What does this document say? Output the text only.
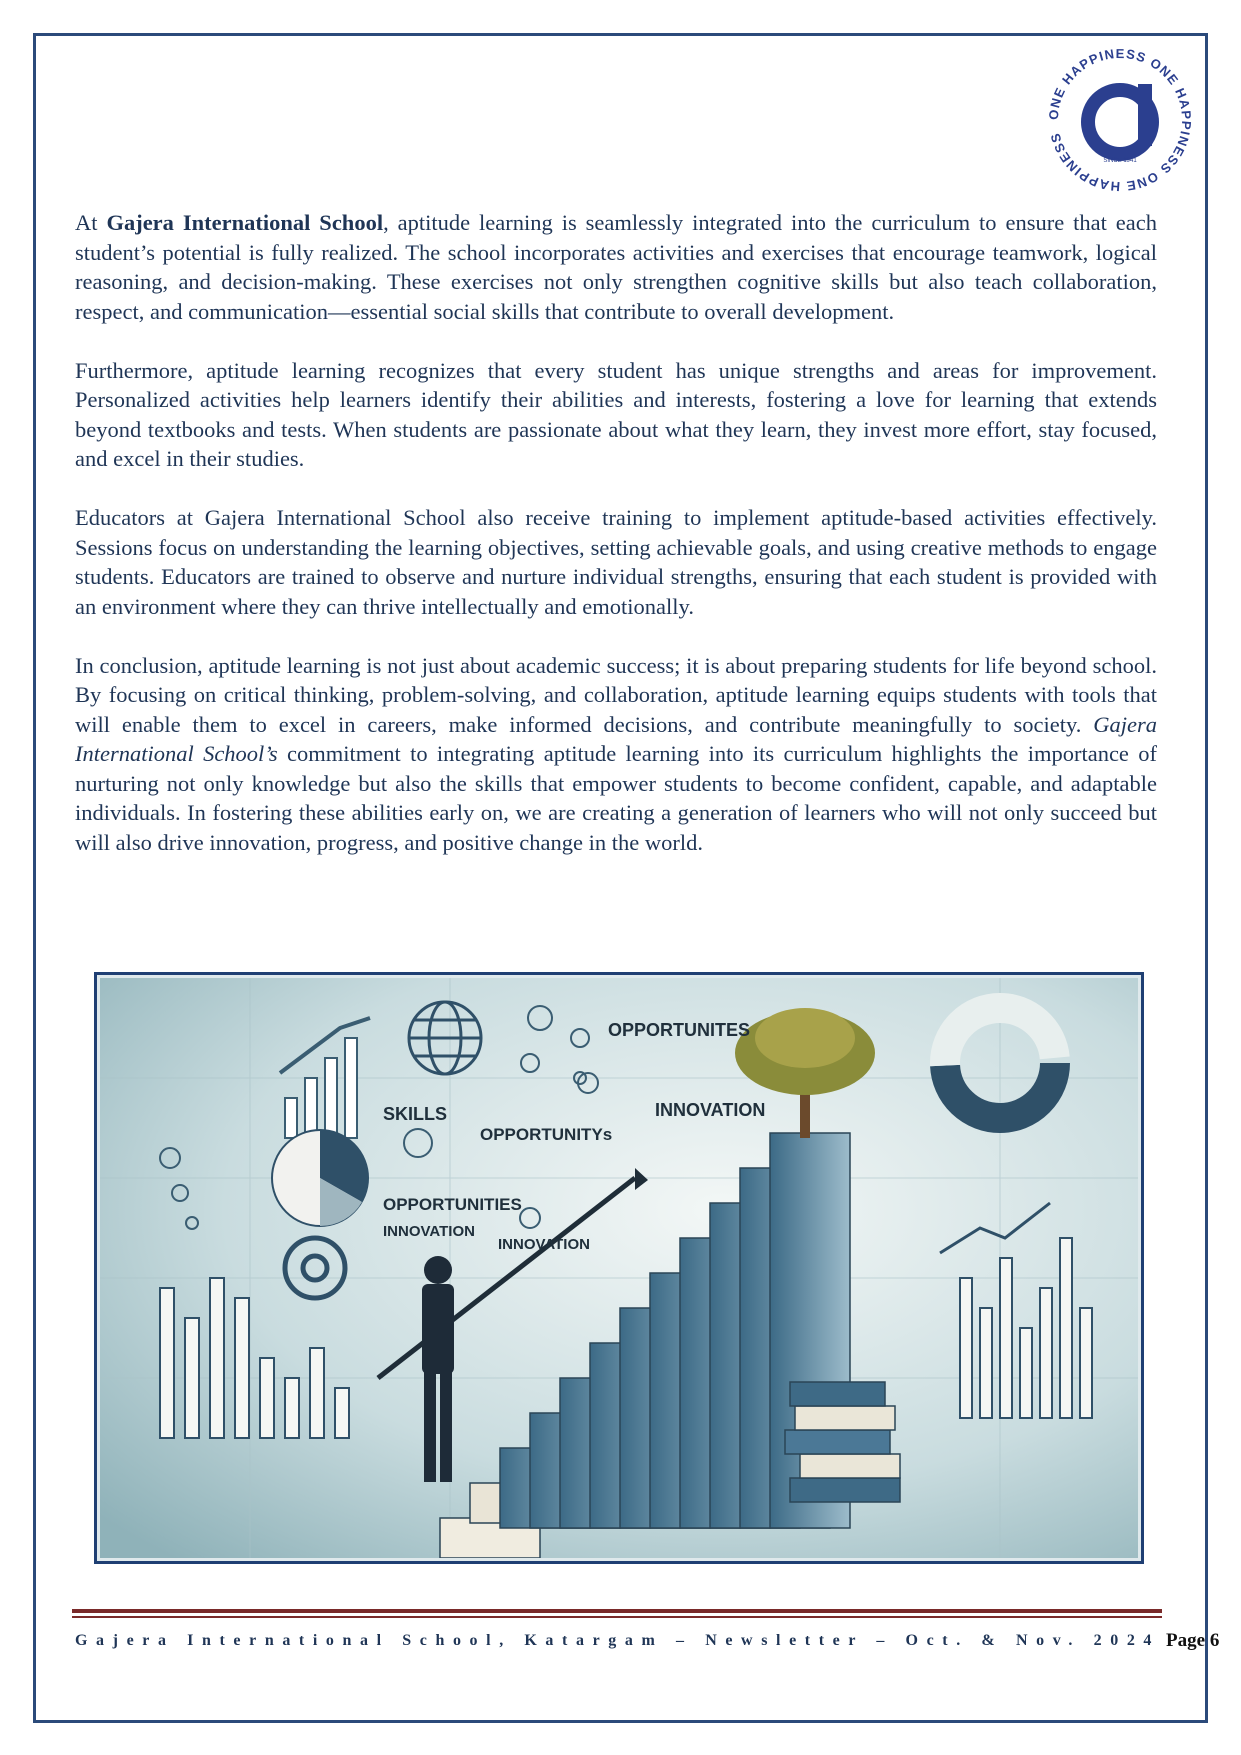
ONE HAPPINESS ONE HAPPINESS ONE HAPPINESS
SINCE 1941

At Gajera International School, aptitude learning is seamlessly integrated into the curriculum to ensure that each student’s potential is fully realized. The school incorporates activities and exercises that encourage teamwork, logical reasoning, and decision-making. These exercises not only strengthen cognitive skills but also teach collaboration, respect, and communication—essential social skills that contribute to overall development.

Furthermore, aptitude learning recognizes that every student has unique strengths and areas for improvement. Personalized activities help learners identify their abilities and interests, fostering a love for learning that extends beyond textbooks and tests. When students are passionate about what they learn, they invest more effort, stay focused, and excel in their studies.

Educators at Gajera International School also receive training to implement aptitude-based activities effectively. Sessions focus on understanding the learning objectives, setting achievable goals, and using creative methods to engage students. Educators are trained to observe and nurture individual strengths, ensuring that each student is provided with an environment where they can thrive intellectually and emotionally.

In conclusion, aptitude learning is not just about academic success; it is about preparing students for life beyond school. By focusing on critical thinking, problem-solving, and collaboration, aptitude learning equips students with tools that will enable them to excel in careers, make informed decisions, and contribute meaningfully to society. Gajera International School’s commitment to integrating aptitude learning into its curriculum highlights the importance of nurturing not only knowledge but also the skills that empower students to become confident, capable, and adaptable individuals. In fostering these abilities early on, we are creating a generation of learners who will not only succeed but will also drive innovation, progress, and positive change in the world.

OPPORTUNITES
INNOVATION
SKILLS
OPPORTUNITYs
OPPORTUNITIES
INNOVATION
INNOVATION
Gajera International School, Katargam – Newsletter – Oct. & Nov. 2024 Page 6
